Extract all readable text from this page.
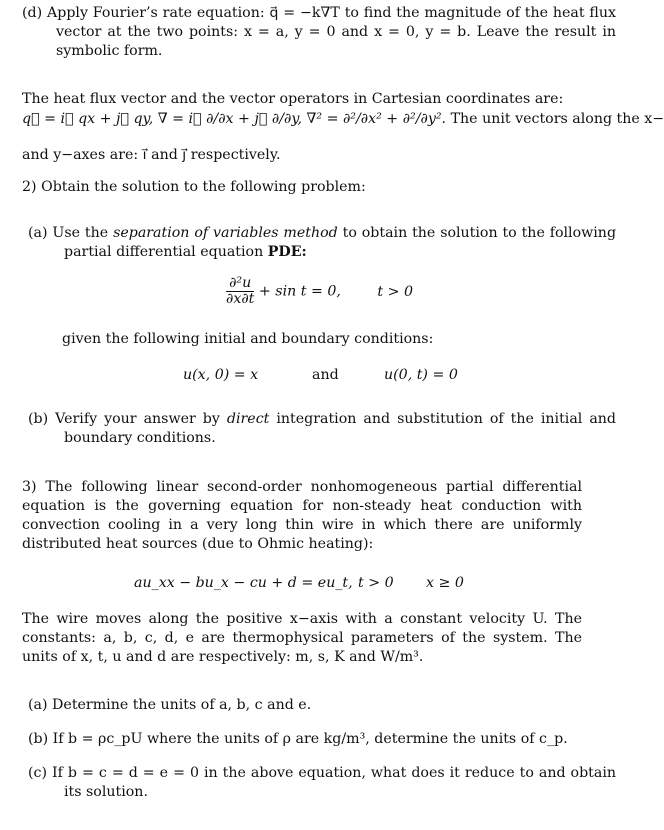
(d) Apply Fourier’s rate equation: q⃗ = −k∇T to find the magnitude of the heat flux vector at the two points: x = a, y = 0 and x = 0, y = b. Leave the result in symbolic form.
The heat flux vector and the vector operators in Cartesian coordinates are:
q⃗ = i⃗ qx + j⃗ qy, ∇ = i⃗ ∂/∂x + j⃗ ∂/∂y, ∇² = ∂²/∂x² + ∂²/∂y². The unit vectors along the x−
and y−axes are: i⃗ and j⃗ respectively.
2) Obtain the solution to the following problem:
(a) Use the separation of variables method to obtain the solution to the following partial differential equation PDE:
$\frac{\text{∂²u}}{\partial x\partial t} + \sin t = 0$,	t > 0
given the following initial and boundary conditions:
u(x, 0) = x	and	u(0, t) = 0
(b) Verify your answer by direct integration and substitution of the initial and boundary conditions.
3) The following linear second-order nonhomogeneous partial differential equation is the governing equation for non-steady heat conduction with convection cooling in a very long thin wire in which there are uniformly distributed heat sources (due to Ohmic heating):
au_xx − bu_x − cu + d = eu_t, t > 0 x ≥ 0
The wire moves along the positive x−axis with a constant velocity U. The constants: a, b, c, d, e are thermophysical parameters of the system. The units of x, t, u and d are respectively: m, s, K and W/m³.
(a) Determine the units of a, b, c and e.
(b) If b = ρc_pU where the units of ρ are kg/m³, determine the units of c_p.
(c) If b = c = d = e = 0 in the above equation, what does it reduce to and obtain its solution.
